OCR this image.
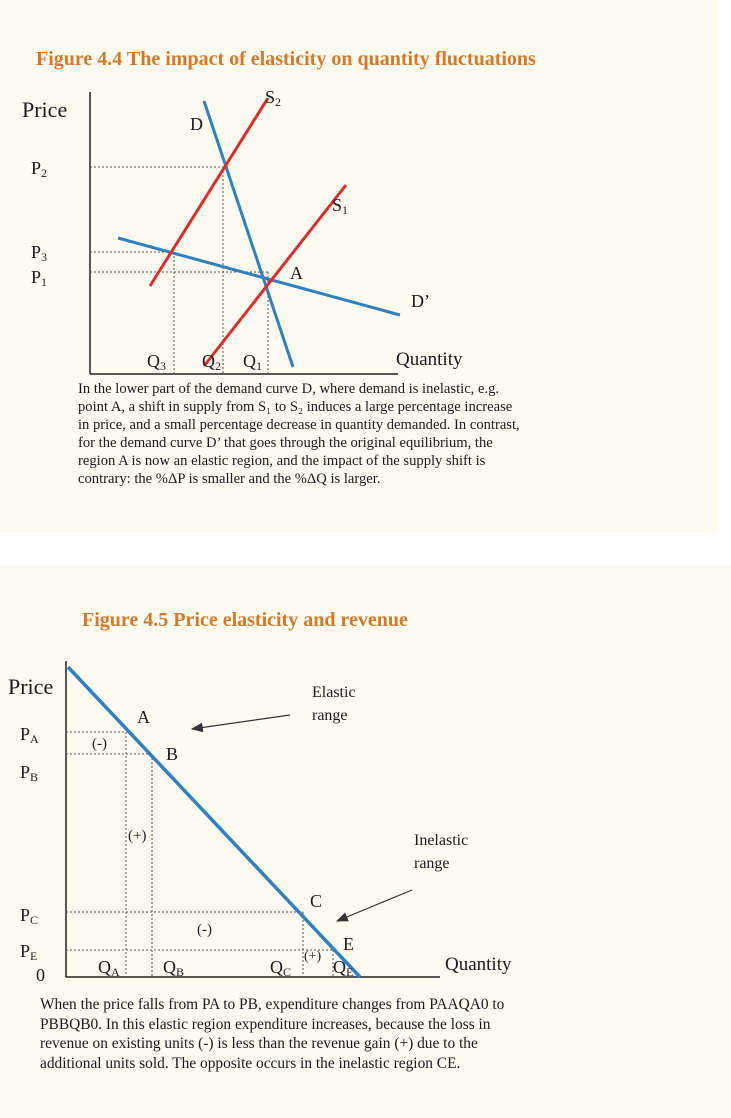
Figure 4.4 The impact of elasticity on quantity fluctuations
Price
Quantity
$P_2$
$P_3$
$P_1$
$Q_3$ $Q_2$ $Q_1$
D
$S_2$
$S_1$
A
D’
In the lower part of the demand curve D, where demand is inelastic, e.g.
point A, a shift in supply from S₁ to S₂ induces a large percentage increase
in price, and a small percentage decrease in quantity demanded. In contrast,
for the demand curve D’ that goes through the original equilibrium, the
region A is now an elastic region, and the impact of the supply shift is
contrary: the %ΔP is smaller and the %ΔQ is larger.
Figure 4.5 Price elasticity and revenue
Price
Quantity
$P_A$
$P_B$
$P_C$
$P_E$
0	$Q_A$ $Q_B$	$Q_C$ $Q_E$
A
B
C
E
(-)
(+)
(-)
(+)
Elastic
range
Inelastic
range
When the price falls from PA to PB, expenditure changes from PAAQA0 to
PBBQB0. In this elastic region expenditure increases, because the loss in
revenue on existing units (-) is less than the revenue gain (+) due to the
additional units sold. The opposite occurs in the inelastic region CE.
